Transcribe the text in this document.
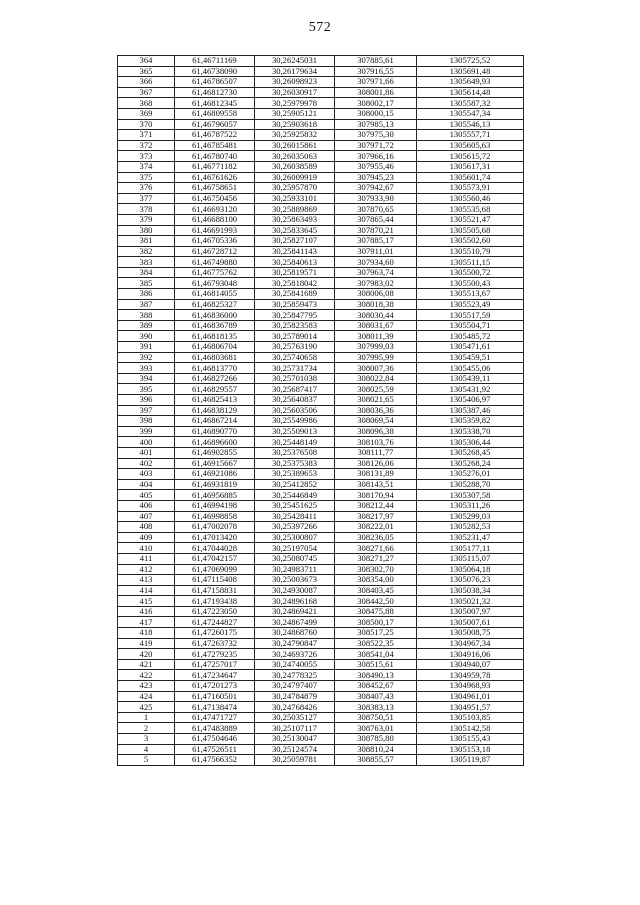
572
364	61,46711169	30,26245031	307885,61	1305725,52
365	61,46738090	30,26179634	307916,55	1305691,48
366	61,46786507	30,26098923	307971,66	1305649,93
367	61,46812730	30,26030917	308001,86	1305614,48
368	61,46812345	30,25979978	308002,17	1305587,32
369	61,46809558	30,25905121	308000,15	1305547,34
370	61,46796057	30,25903618	307985,13	1305546,13
371	61,46787522	30,25925832	307975,30	1305557,71
372	61,46785481	30,26015861	307971,72	1305605,63
373	61,46780740	30,26035063	307966,16	1305615,72
374	61,46771182	30,26038589	307955,46	1305617,31
375	61,46761626	30,26009919	307945,23	1305601,74
376	61,46758651	30,25957870	307942,67	1305573,91
377	61,46750456	30,25933101	307933,90	1305560,46
378	61,46693120	30,25889869	307870,65	1305535,68
379	61,46688100	30,25863493	307865,44	1305521,47
380	61,46691993	30,25833645	307870,21	1305505,68
381	61,46705336	30,25827107	307885,17	1305502,60
382	61,46728712	30,25841143	307911,01	1305510,79
383	61,46749880	30,25840613	307934,60	1305511,15
384	61,46775762	30,25819571	307963,74	1305500,72
385	61,46793048	30,25818042	307983,02	1305500,43
386	61,46814055	30,25841689	308006,08	1305513,67
387	61,46825327	30,25859473	308018,38	1305523,49
388	61,46836000	30,25847795	308030,44	1305517,59
389	61,46836789	30,25823583	308031,67	1305504,71
390	61,46818135	30,25789014	308011,39	1305485,72
391	61,46806704	30,25763190	307999,03	1305471,61
392	61,46803681	30,25740658	307995,99	1305459,51
393	61,46813770	30,25731734	308007,36	1305455,06
394	61,46827266	30,25701038	308022,84	1305439,11
395	61,46829557	30,25687417	308025,59	1305431,92
396	61,46825413	30,25640837	308021,65	1305406,97
397	61,46838129	30,25603506	308036,36	1305387,46
398	61,46867214	30,25549986	308069,54	1305359,82
399	61,46890770	30,25509013	308096,38	1305338,70
400	61,46896600	30,25448149	308103,76	1305306,44
401	61,46902855	30,25376508	308111,77	1305268,45
402	61,46915667	30,25375383	308126,06	1305268,24
403	61,46921086	30,25389653	308131,89	1305276,01
404	61,46931819	30,25412852	308143,51	1305288,70
405	61,46956885	30,25446849	308170,94	1305307,58
406	61,46994198	30,25451625	308212,44	1305311,26
407	61,46998858	30,25428411	308217,97	1305299,03
408	61,47002078	30,25397266	308222,01	1305282,53
409	61,47013420	30,25300807	308236,05	1305231,47
410	61,47044028	30,25197054	308271,66	1305177,11
411	61,47042157	30,25080745	308271,27	1305115,07
412	61,47069099	30,24983711	308302,70	1305064,18
413	61,47115408	30,25003673	308354,00	1305076,23
414	61,47158831	30,24930087	308403,45	1305038,34
415	61,47193438	30,24896168	308442,50	1305021,32
416	61,47223050	30,24869421	308475,88	1305007,97
417	61,47244827	30,24867499	308500,17	1305007,61
418	61,47260175	30,24868760	308517,25	1305008,75
419	61,47263732	30,24790847	308522,35	1304967,34
420	61,47279235	30,24693726	308541,04	1304916,06
421	61,47257017	30,24740055	308515,61	1304940,07
422	61,47234647	30,24778325	308490,13	1304959,78
423	61,47201273	30,24797407	308452,67	1304968,93
424	61,47160501	30,24784879	308407,43	1304961,01
425	61,47138474	30,24768426	308383,13	1304951,57
1	61,47471727	30,25035127	308750,51	1305103,85
2	61,47483889	30,25107117	308763,01	1305142,58
3	61,47504646	30,25130047	308785,80	1305155,43
4	61,47526511	30,25124574	308810,24	1305153,18
5	61,47566352	30,25059781	308855,57	1305119,87
